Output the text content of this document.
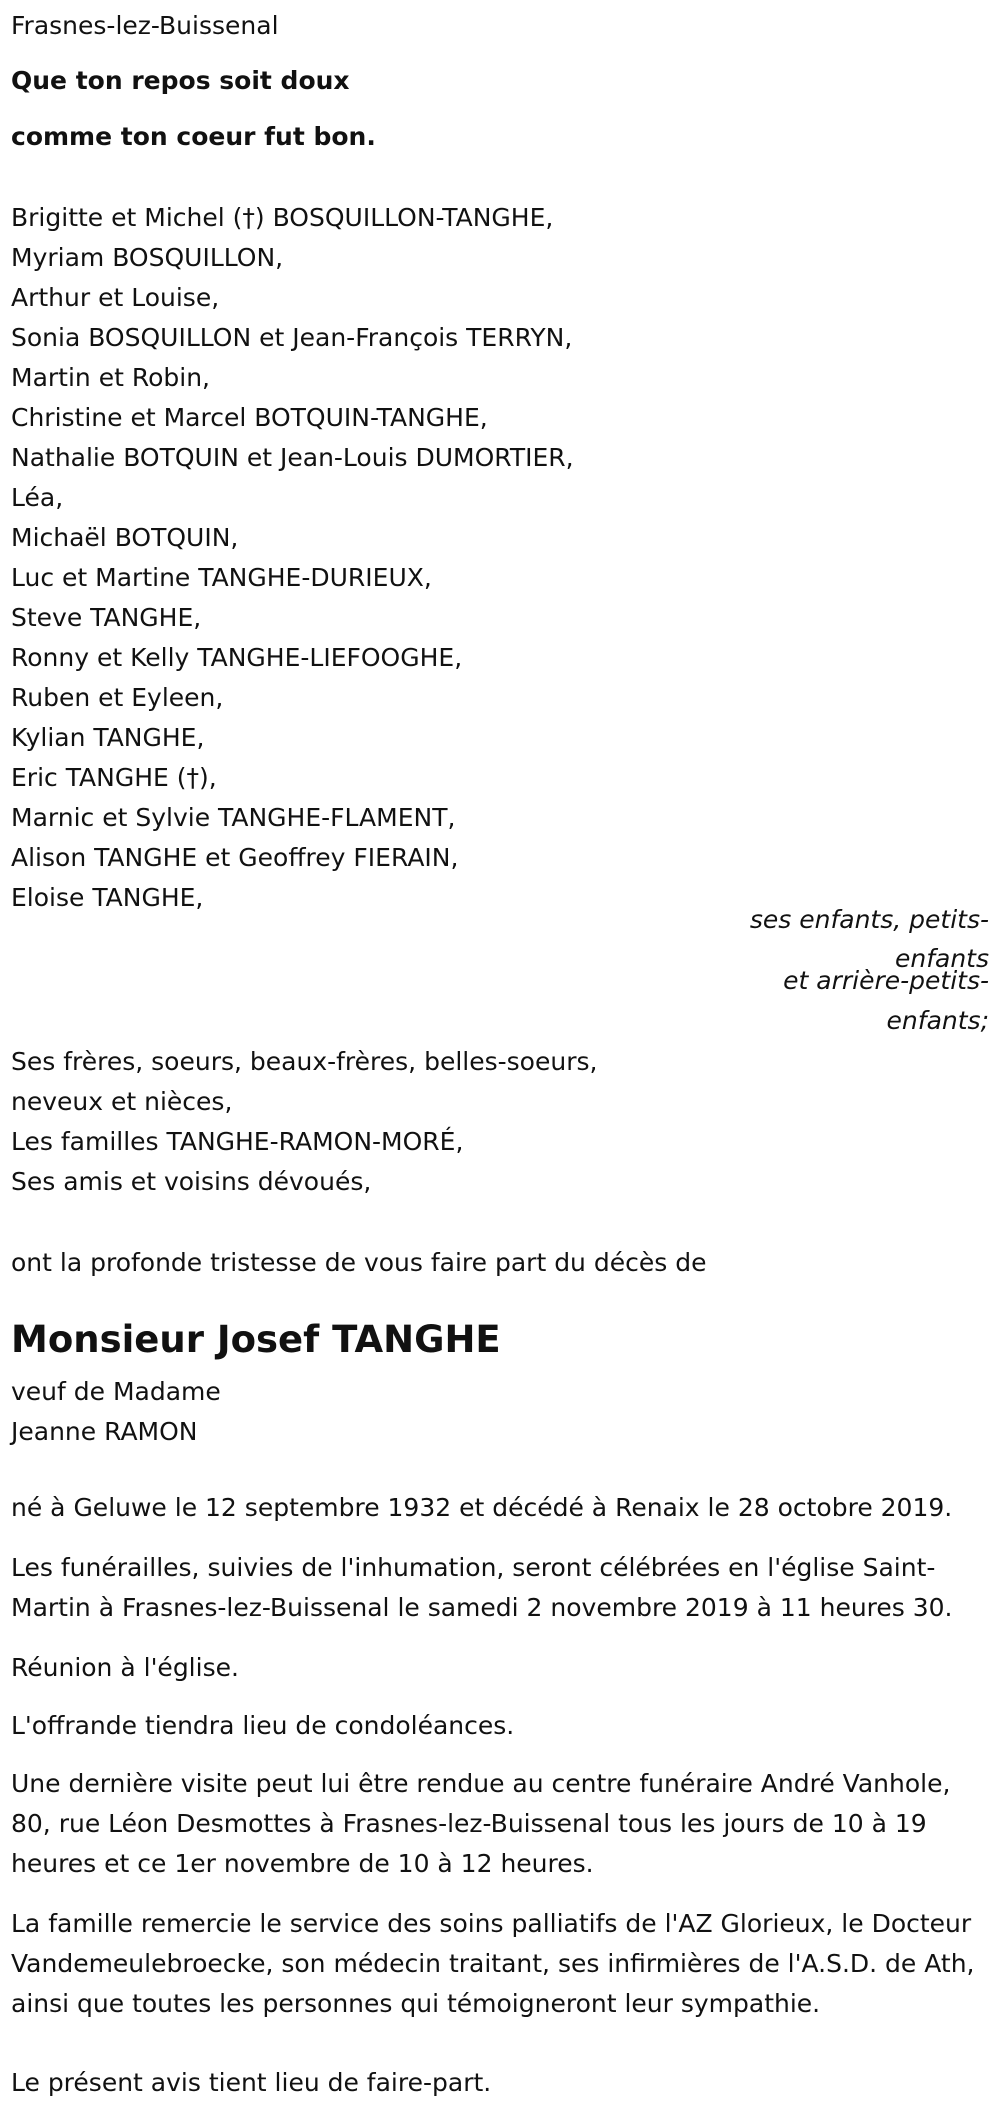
Frasnes-lez-Buissenal
Que ton repos soit doux
comme ton coeur fut bon.
Brigitte et Michel (†) BOSQUILLON-TANGHE,
Myriam BOSQUILLON,
Arthur et Louise,
Sonia BOSQUILLON et Jean-François TERRYN,
Martin et Robin,
Christine et Marcel BOTQUIN-TANGHE,
Nathalie BOTQUIN et Jean-Louis DUMORTIER,
Léa,
Michaël BOTQUIN,
Luc et Martine TANGHE-DURIEUX,
Steve TANGHE,
Ronny et Kelly TANGHE-LIEFOOGHE,
Ruben et Eyleen,
Kylian TANGHE,
Eric TANGHE (†),
Marnic et Sylvie TANGHE-FLAMENT,
Alison TANGHE et Geoffrey FIERAIN,
Eloise TANGHE,
ses enfants, petits-
enfants
et arrière-petits-
enfants;
Ses frères, soeurs, beaux-frères, belles-soeurs,
neveux et nièces,
Les familles TANGHE-RAMON-MORÉ,
Ses amis et voisins dévoués,
ont la profonde tristesse de vous faire part du décès de
Monsieur Josef TANGHE
veuf de Madame
Jeanne RAMON
né à Geluwe le 12 septembre 1932 et décédé à Renaix le 28 octobre 2019.
Les funérailles, suivies de l'inhumation, seront célébrées en l'église Saint-Martin à Frasnes-lez-Buissenal le samedi 2 novembre 2019 à 11 heures 30.
Réunion à l'église.
L'offrande tiendra lieu de condoléances.
Une dernière visite peut lui être rendue au centre funéraire André Vanhole, 80, rue Léon Desmottes à Frasnes-lez-Buissenal tous les jours de 10 à 19 heures et ce 1er novembre de 10 à 12 heures.
La famille remercie le service des soins palliatifs de l'AZ Glorieux, le Docteur Vandemeulebroecke, son médecin traitant, ses infirmières de l'A.S.D. de Ath, ainsi que toutes les personnes qui témoigneront leur sympathie.
Le présent avis tient lieu de faire-part.
